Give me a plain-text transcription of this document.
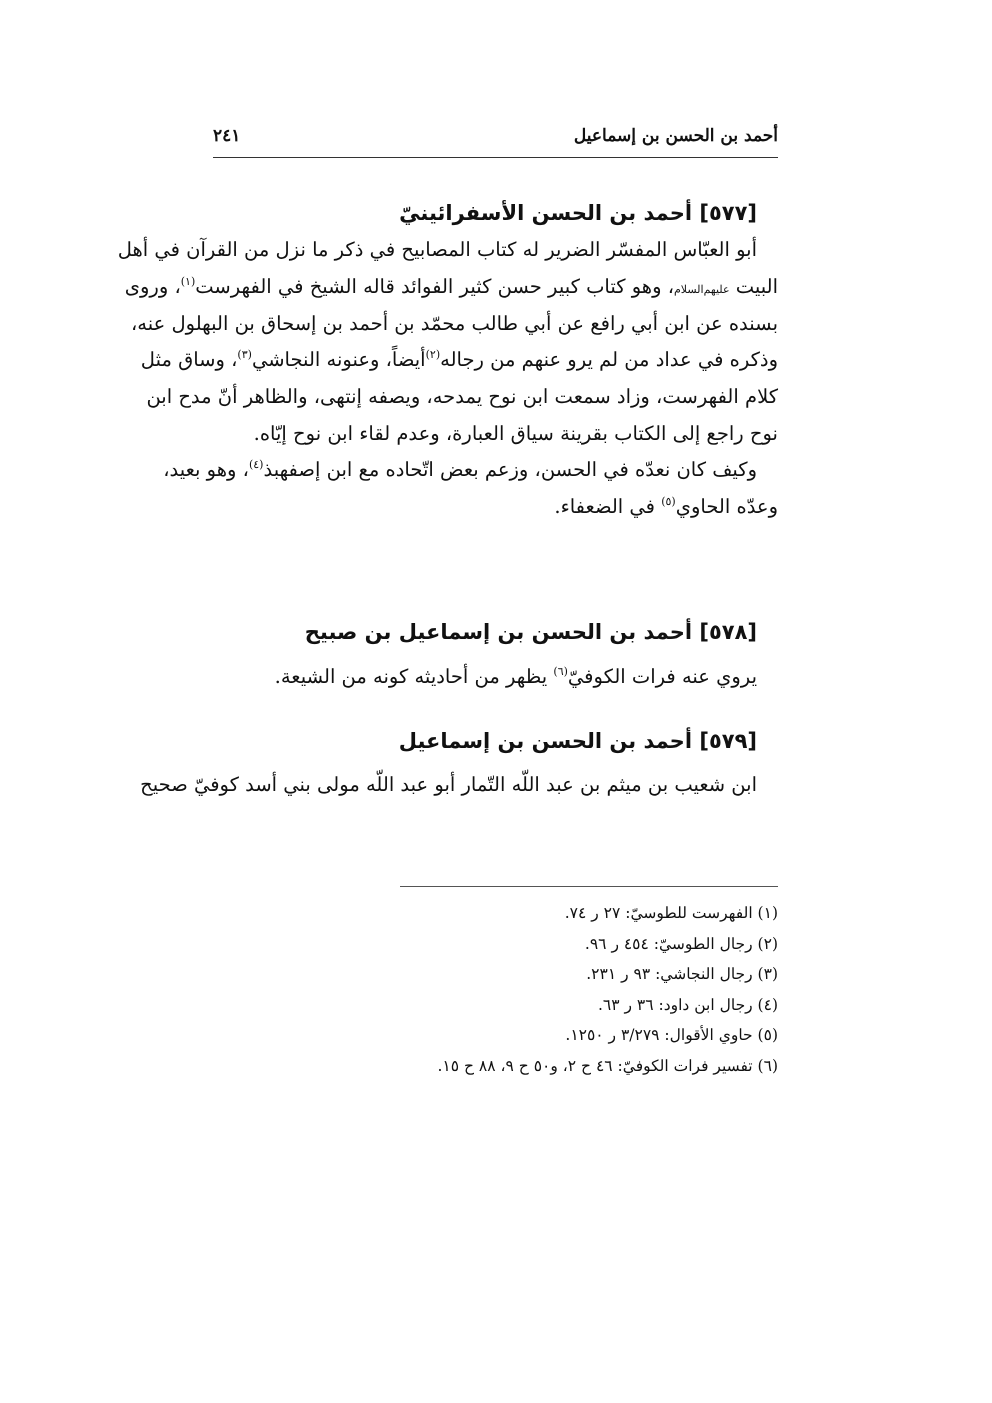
أحمد بن الحسن بن إسماعيل
٢٤١
[٥٧٧] أحمد بن الحسن الأسفرائينيّ
أبو العبّاس المفسّر الضرير له كتاب المصابيح في ذكر ما نزل من القرآن في أهل
البيت عليهم‌السلام، وهو كتاب كبير حسن كثير الفوائد قاله الشيخ في الفهرست$^{(١)}$، وروى
بسنده عن ابن أبي رافع عن أبي طالب محمّد بن أحمد بن إسحاق بن البهلول عنه،
وذكره في عداد من لم يرو عنهم من رجاله$^{(٢)}$أيضاً، وعنونه النجاشي$^{(٣)}$، وساق مثل
كلام الفهرست، وزاد سمعت ابن نوح يمدحه، ويصفه إنتهى، والظاهر أنّ مدح ابن
نوح راجع إلى الكتاب بقرينة سياق العبارة، وعدم لقاء ابن نوح إيّاه.
وكيف كان نعدّه في الحسن، وزعم بعض اتّحاده مع ابن إصفهبذ$^{(٤)}$، وهو بعيد،
وعدّه الحاوي$^{(٥)}$ في الضعفاء.
[٥٧٨] أحمد بن الحسن بن إسماعيل بن صبيح
يروي عنه فرات الكوفيّ$^{(٦)}$ يظهر من أحاديثه كونه من الشيعة.
[٥٧٩] أحمد بن الحسن بن إسماعيل
ابن شعيب بن ميثم بن عبد اللّه التّمار أبو عبد اللّه مولى بني أسد كوفيّ صحيح
(١) الفهرست للطوسيّ: ٢٧ ر ٧٤.
(٢) رجال الطوسيّ: ٤٥٤ ر ٩٦.
(٣) رجال النجاشي: ٩٣ ر ٢٣١.
(٤) رجال ابن داود: ٣٦ ر ٦٣.
(٥) حاوي الأقوال: ٣/٢٧٩ ر ١٢٥٠.
(٦) تفسير فرات الكوفيّ: ٤٦ ح ٢، و٥٠ ح ٩، ٨٨ ح ١٥.
